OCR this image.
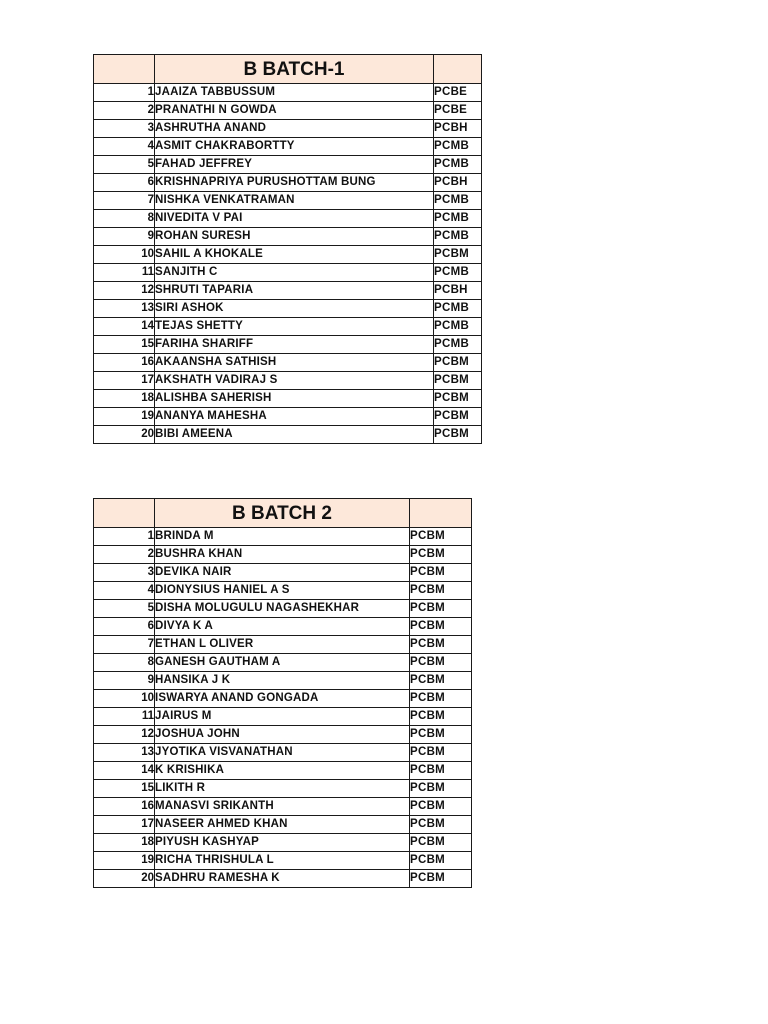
	B BATCH-1	
1	JAAIZA TABBUSSUM	PCBE
2	PRANATHI N GOWDA	PCBE
3	ASHRUTHA ANAND	PCBH
4	ASMIT CHAKRABORTTY	PCMB
5	FAHAD JEFFREY	PCMB
6	KRISHNAPRIYA PURUSHOTTAM BUNG	PCBH
7	NISHKA VENKATRAMAN	PCMB
8	NIVEDITA V PAI	PCMB
9	ROHAN SURESH	PCMB
10	SAHIL A KHOKALE	PCBM
11	SANJITH C	PCMB
12	SHRUTI TAPARIA	PCBH
13	SIRI ASHOK	PCMB
14	TEJAS SHETTY	PCMB
15	FARIHA SHARIFF	PCMB
16	AKAANSHA SATHISH	PCBM
17	AKSHATH VADIRAJ S	PCBM
18	ALISHBA SAHERISH	PCBM
19	ANANYA MAHESHA	PCBM
20	BIBI AMEENA	PCBM
	B BATCH 2	
1	BRINDA M	PCBM
2	BUSHRA KHAN	PCBM
3	DEVIKA NAIR	PCBM
4	DIONYSIUS HANIEL A S	PCBM
5	DISHA MOLUGULU NAGASHEKHAR	PCBM
6	DIVYA K A	PCBM
7	ETHAN L OLIVER	PCBM
8	GANESH GAUTHAM A	PCBM
9	HANSIKA J K	PCBM
10	ISWARYA ANAND GONGADA	PCBM
11	JAIRUS M	PCBM
12	JOSHUA JOHN	PCBM
13	JYOTIKA VISVANATHAN	PCBM
14	K KRISHIKA	PCBM
15	LIKITH R	PCBM
16	MANASVI SRIKANTH	PCBM
17	NASEER AHMED KHAN	PCBM
18	PIYUSH KASHYAP	PCBM
19	RICHA THRISHULA L	PCBM
20	SADHRU RAMESHA K	PCBM
